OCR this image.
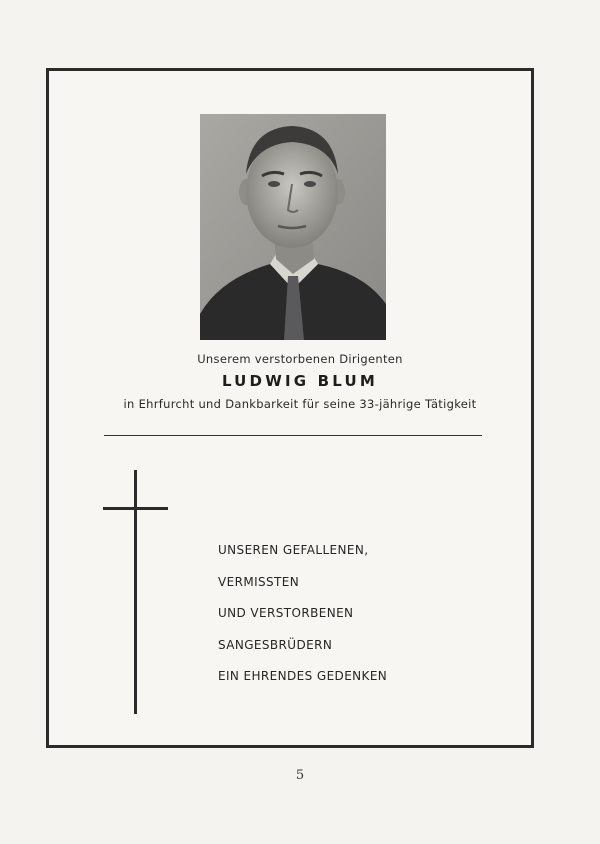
Unserem verstorbenen Dirigenten
LUDWIG BLUM
in Ehrfurcht und Dankbarkeit für seine 33-jährige Tätigkeit
UNSEREN GEFALLENEN,
VERMISSTEN
UND VERSTORBENEN
SANGESBRÜDERN
EIN EHRENDES GEDENKEN
5
